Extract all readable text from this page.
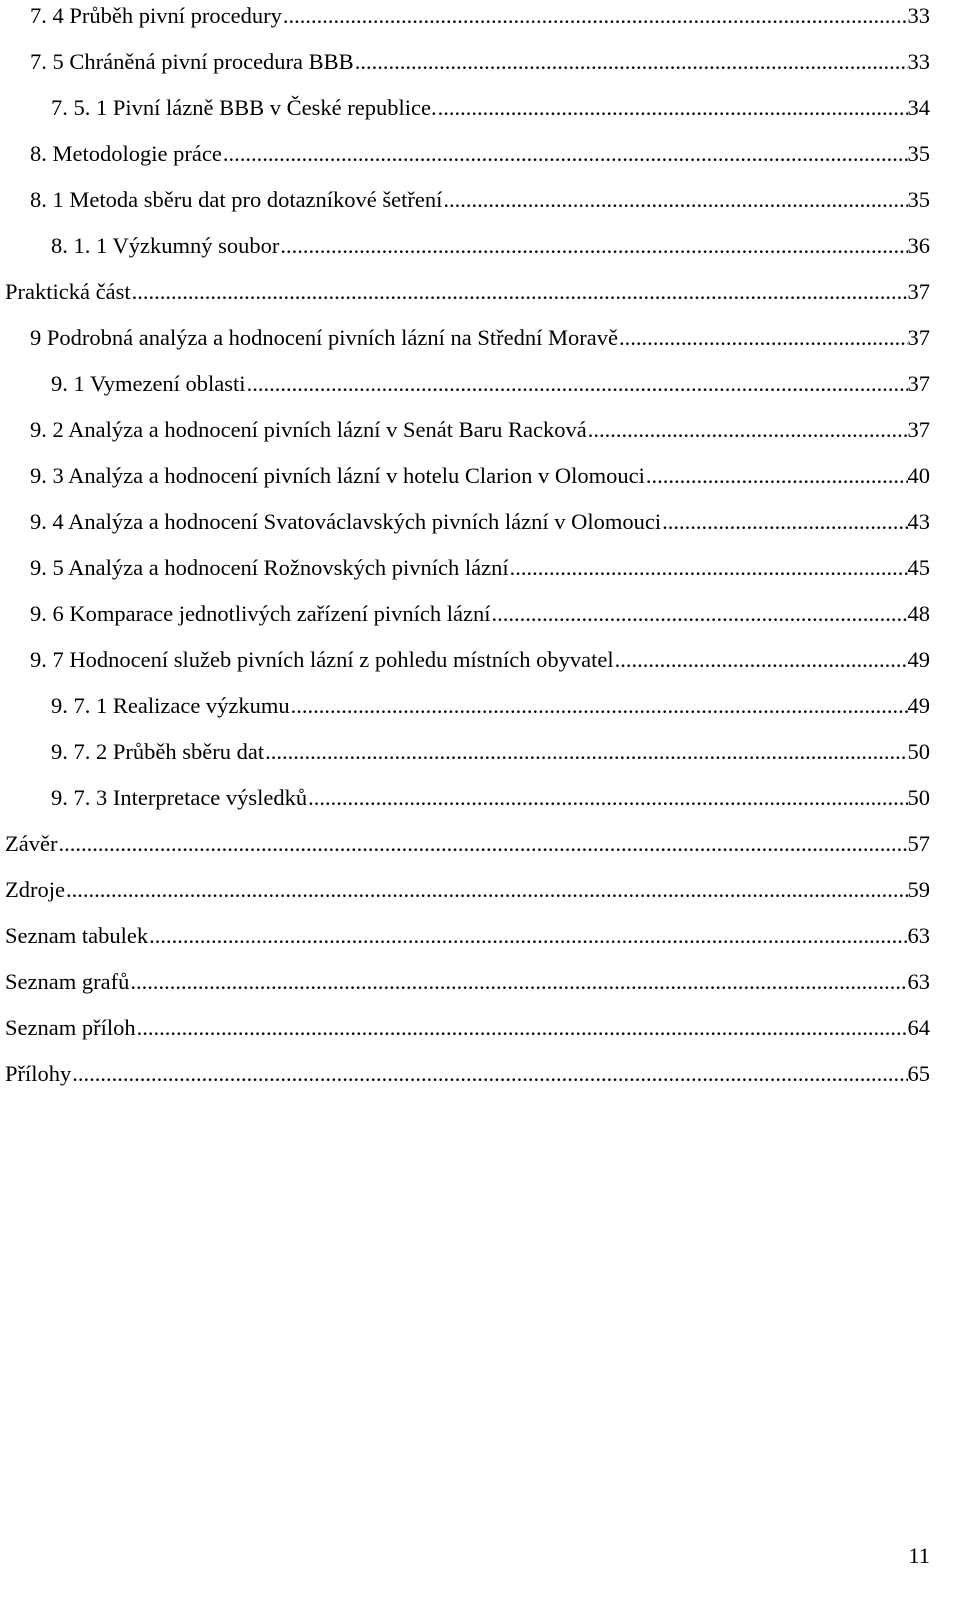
7. 4 Průběh pivní procedury .....	33
7. 5 Chráněná pivní procedura BBB .....	33
7. 5. 1 Pivní lázně BBB v České republice. .....	34
8. Metodologie práce .....	35
8. 1 Metoda sběru dat pro dotazníkové šetření .....	35
8. 1. 1 Výzkumný soubor .....	36
Praktická část .....	37
9 Podrobná analýza a hodnocení pivních lázní na Střední Moravě .....	37
9. 1 Vymezení oblasti .....	37
9. 2 Analýza a hodnocení pivních lázní v Senát Baru Racková .....	37
9. 3 Analýza a hodnocení pivních lázní v hotelu Clarion v Olomouci .....	40
9. 4 Analýza a hodnocení Svatováclavských pivních lázní v Olomouci .....	43
9. 5 Analýza a hodnocení Rožnovských pivních lázní .....	45
9. 6 Komparace jednotlivých zařízení pivních lázní .....	48
9. 7 Hodnocení služeb pivních lázní z pohledu místních obyvatel .....	49
9. 7. 1 Realizace výzkumu .....	49
9. 7. 2 Průběh sběru dat .....	50
9. 7. 3 Interpretace výsledků .....	50
Závěr .....	57
Zdroje .....	59
Seznam tabulek .....	63
Seznam grafů .....	63
Seznam příloh .....	64
Přílohy .....	65
11
